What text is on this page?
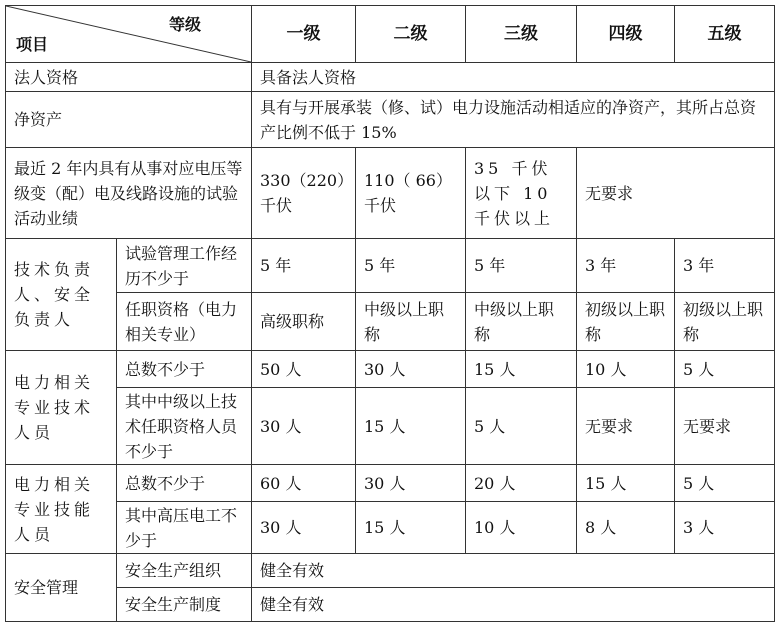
等级
项目		一级	二级	三级	四级	五级
法人资格		具备法人资格				
净资产		具有与开展承装（修、试）电力设施活动相适应的净资产，其所占总资产比例不低于 15%				
最近 2 年内具有从事对应电压等级变（配）电及线路设施的试验活动业绩		330（220）千伏	110（ 66）千伏	35 千伏 以下 10 千伏以上	无要求	
技术负责人、安全负责人	试验管理工作经历不少于	5 年	5 年	5 年	3 年	3 年
	任职资格（电力相关专业）	高级职称	中级以上职称	中级以上职称	初级以上职称	初级以上职称
电力相关专业技术人员	总数不少于	50 人	30 人	15 人	10 人	5 人
	其中中级以上技术任职资格人员不少于	30 人	15 人	5 人	无要求	无要求
电力相关专业技能人员	总数不少于	60 人	30 人	20 人	15 人	5 人
	其中高压电工不少于	30 人	15 人	10 人	8 人	3 人
安全管理	安全生产组织	健全有效				
	安全生产制度	健全有效				
